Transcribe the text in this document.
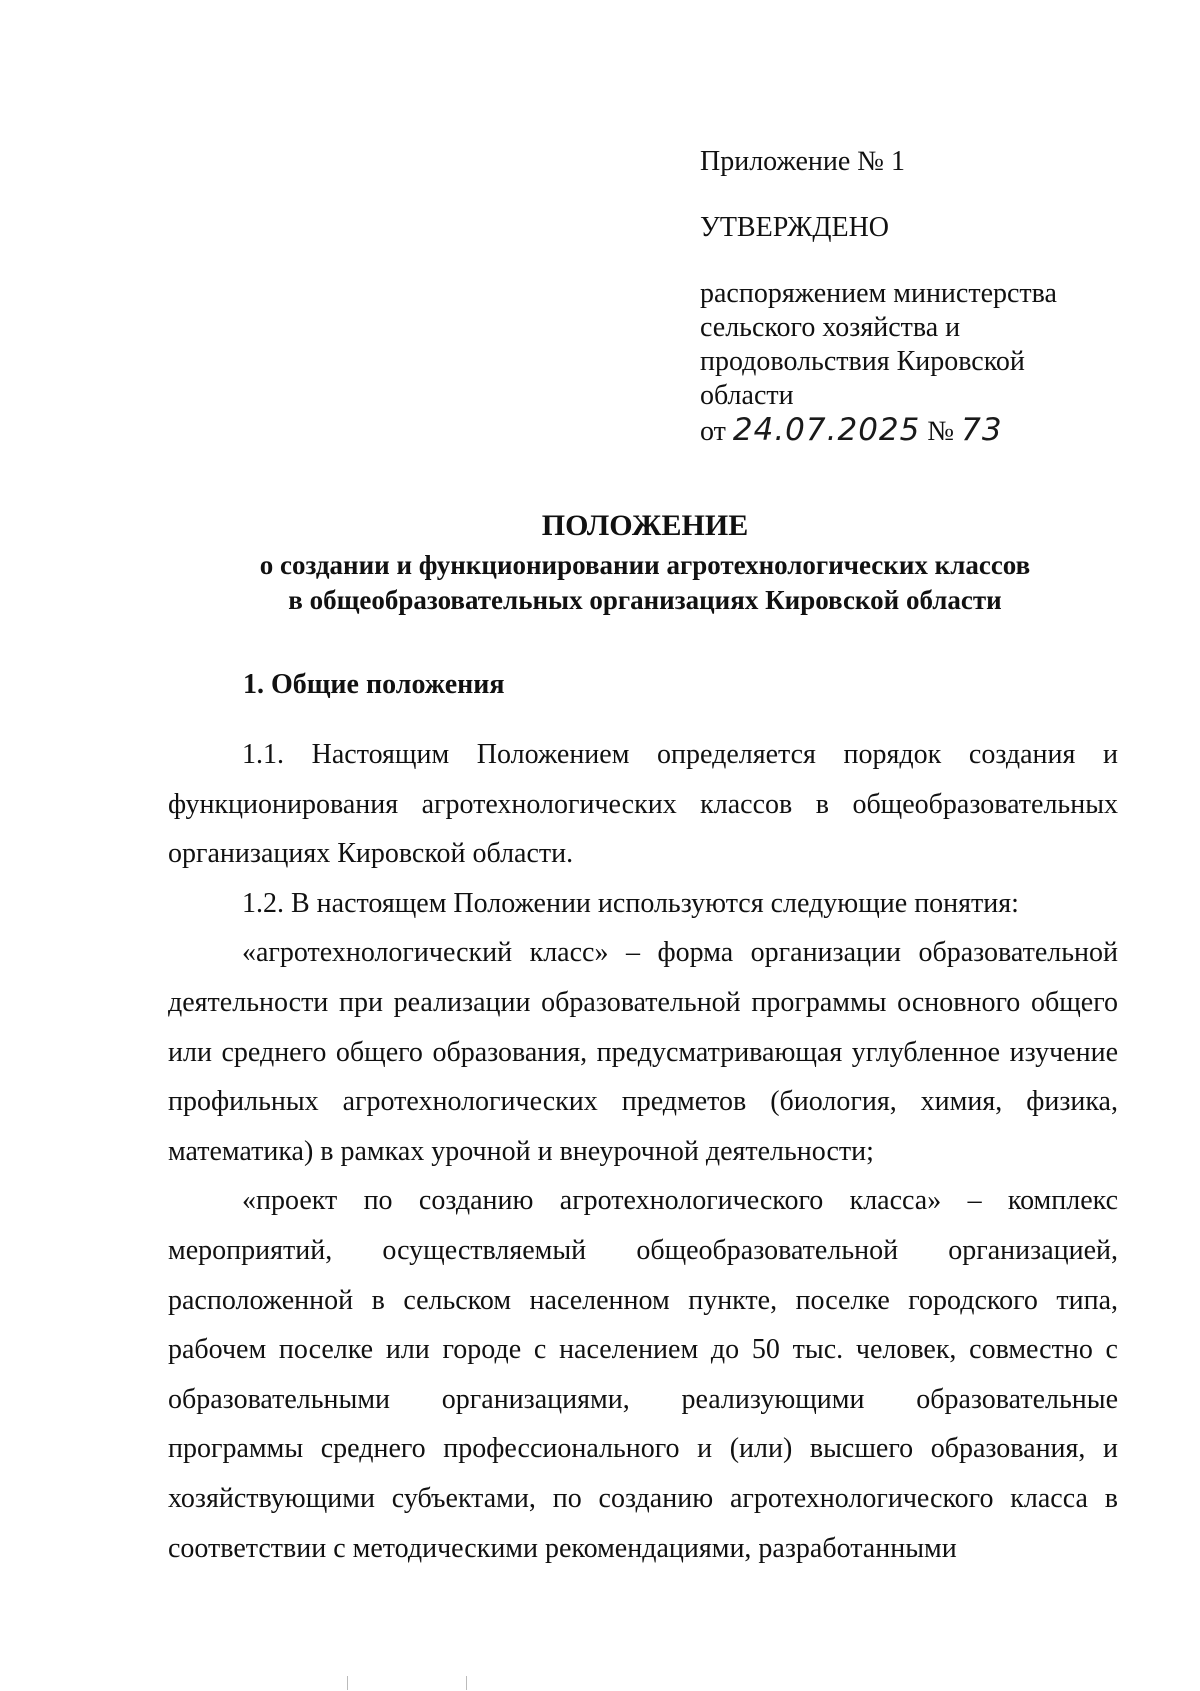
Приложение № 1
УТВЕРЖДЕНО
распоряжением министерства сельского хозяйства и продовольствия Кировской области
от 24.07.2025 № 73
ПОЛОЖЕНИЕ
о создании и функционировании агротехнологических классов
в общеобразовательных организациях Кировской области
1. Общие положения

1.1. Настоящим Положением определяется порядок создания и функционирования агротехнологических классов в общеобразовательных организациях Кировской области.

1.2. В настоящем Положении используются следующие понятия:

«агротехнологический класс» – форма организации образовательной деятельности при реализации образовательной программы основного общего или среднего общего образования, предусматривающая углубленное изучение профильных агротехнологических предметов (биология, химия, физика, математика) в рамках урочной и внеурочной деятельности;

«проект по созданию агротехнологического класса» – комплекс мероприятий, осуществляемый общеобразовательной организацией, расположенной в сельском населенном пункте, поселке городского типа, рабочем поселке или городе с населением до 50 тыс. человек, совместно с образовательными организациями, реализующими образовательные программы среднего профессионального и (или) высшего образования, и хозяйствующими субъектами, по созданию агротехнологического класса в соответствии с методическими рекомендациями, разработанными
